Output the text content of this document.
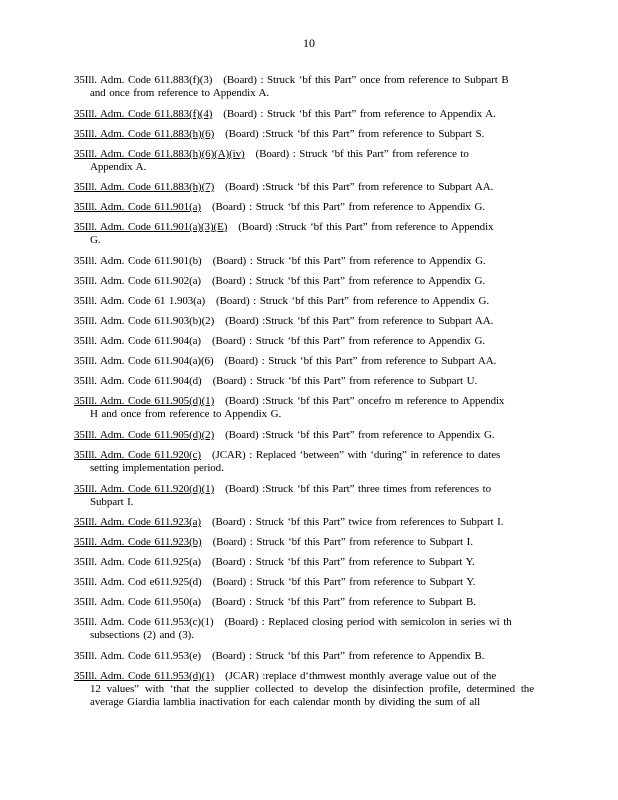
10
35Ill. Adm. Code 611.883(f)(3) (Board) : Struck ‘bf this Part” once from reference to Subpart B
and once from reference to Appendix A.
35Ill. Adm. Code 611.883(f)(4) (Board) : Struck ‘bf this Part” from reference to Appendix A.
35Ill. Adm. Code 611.883(h)(6) (Board) :Struck ‘bf this Part” from reference to Subpart S.
35Ill. Adm. Code 611.883(h)(6)(A)(iv) (Board) : Struck ‘bf this Part” from reference to
Appendix A.
35Ill. Adm. Code 611.883(h)(7) (Board) :Struck ‘bf this Part” from reference to Subpart AA.
35Ill. Adm. Code 611.901(a) (Board) : Struck ‘bf this Part” from reference to Appendix G.
35Ill. Adm. Code 611.901(a)(3)(E) (Board) :Struck ‘bf this Part” from reference to Appendix
G.
35Ill. Adm. Code 611.901(b) (Board) : Struck ‘bf this Part” from reference to Appendix G.
35Ill. Adm. Code 611.902(a) (Board) : Struck ‘bf this Part” from reference to Appendix G.
35Ill. Adm. Code 61 1.903(a) (Board) : Struck ‘bf this Part” from reference to Appendix G.
35Ill. Adm. Code 611.903(b)(2) (Board) :Struck ‘bf this Part” from reference to Subpart AA.
35Ill. Adm. Code 611.904(a) (Board) : Struck ‘bf this Part” from reference to Appendix G.
35Ill. Adm. Code 611.904(a)(6) (Board) : Struck ‘bf this Part” from reference to Subpart AA.
35Ill. Adm. Code 611.904(d) (Board) : Struck ‘bf this Part” from reference to Subpart U.
35Ill. Adm. Code 611.905(d)(1) (Board) :Struck ‘bf this Part” oncefro m reference to Appendix
H and once from reference to Appendix G.
35Ill. Adm. Code 611.905(d)(2) (Board) :Struck ‘bf this Part” from reference to Appendix G.
35Ill. Adm. Code 611.920(c) (JCAR) : Replaced ‘between” with ‘during” in reference to dates
setting implementation period.
35Ill. Adm. Code 611.920(d)(1) (Board) :Struck ‘bf this Part” three times from references to
Subpart I.
35Ill. Adm. Code 611.923(a) (Board) : Struck ‘bf this Part” twice from references to Subpart I.
35Ill. Adm. Code 611.923(b) (Board) : Struck ‘bf this Part” from reference to Subpart I.
35Ill. Adm. Code 611.925(a) (Board) : Struck ‘bf this Part” from reference to Subpart Y.
35Ill. Adm. Cod e611.925(d) (Board) : Struck ‘bf this Part” from reference to Subpart Y.
35Ill. Adm. Code 611.950(a) (Board) : Struck ‘bf this Part” from reference to Subpart B.
35Ill. Adm. Code 611.953(c)(1) (Board) : Replaced closing period with semicolon in series wi th
subsections (2) and (3).
35Ill. Adm. Code 611.953(e) (Board) : Struck ‘bf this Part” from reference to Appendix B.
35Ill. Adm. Code 611.953(d)(1) (JCAR) :replace d‘thmwest monthly average value out of the
12 values” with ‘that the supplier collected to develop the disinfection profile, determined the average Giardia lamblia inactivation for each calendar month by dividing the sum of all
